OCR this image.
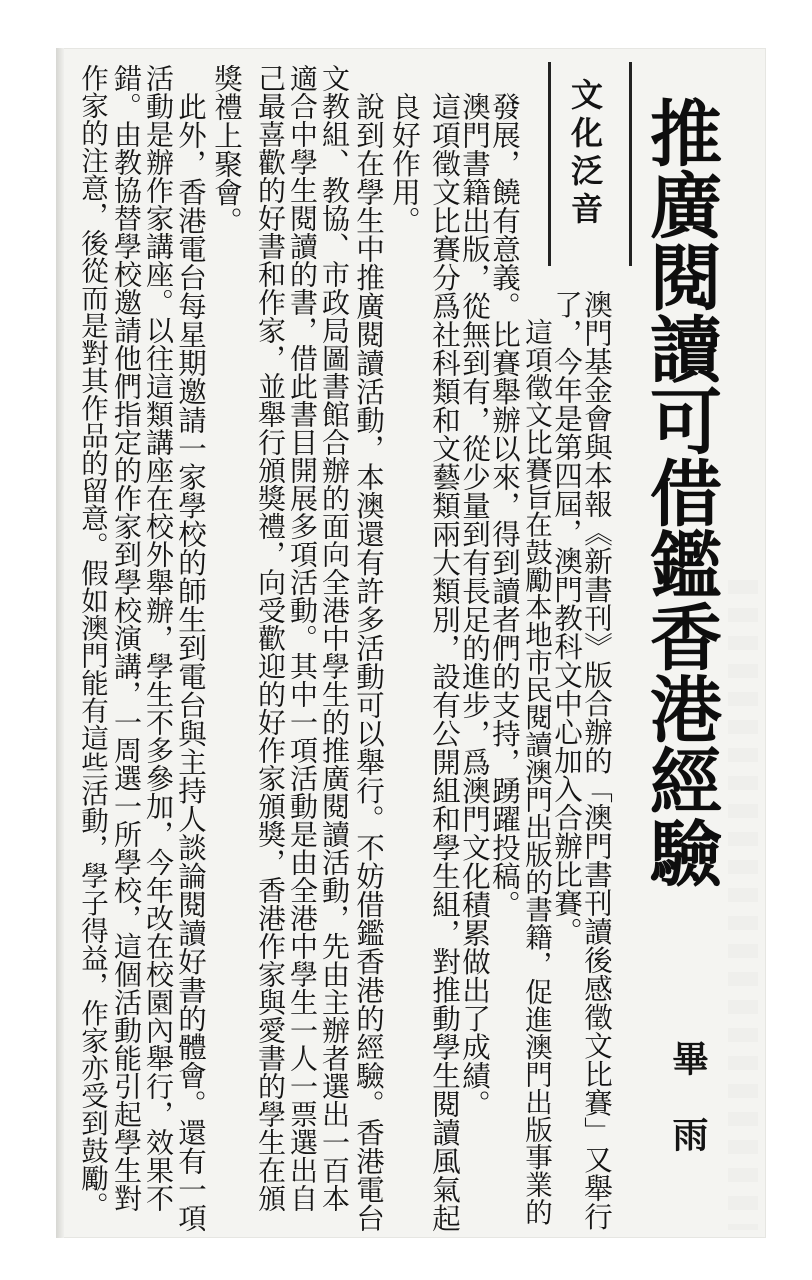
推廣閱讀可借鑑香港經驗
文化泛音
畢雨
澳門基金會與本報《新書刊》版合辦的「澳門書刊讀後感徵文比賽」又舉行
了，今年是第四屆，澳門教科文中心加入合辦比賽。
這項徵文比賽旨在鼓勵本地市民閱讀澳門出版的書籍，促進澳門出版事業的
發展，饒有意義。比賽舉辦以來，得到讀者們的支持，踴躍投稿。
澳門書籍出版，從無到有，從少量到有長足的進步，爲澳門文化積累做出了成績。
這項徵文比賽分爲社科類和文藝類兩大類別，設有公開組和學生組，對推動學生閱讀風氣起
良好作用。
說到在學生中推廣閱讀活動，本澳還有許多活動可以舉行。不妨借鑑香港的經驗。香港電台
文教組、教協、市政局圖書館合辦的面向全港中學生的推廣閱讀活動，先由主辦者選出一百本
適合中學生閱讀的書，借此書目開展多項活動。其中一項活動是由全港中學生一人一票選出自
己最喜歡的好書和作家，並舉行頒獎禮，向受歡迎的好作家頒獎，香港作家與愛書的學生在頒
獎禮上聚會。
此外，香港電台每星期邀請一家學校的師生到電台與主持人談論閱讀好書的體會。還有一項
活動是辦作家講座。以往這類講座在校外舉辦，學生不多參加，今年改在校園內舉行，效果不
錯。由教協替學校邀請他們指定的作家到學校演講，一周選一所學校，這個活動能引起學生對
作家的注意，後從而是對其作品的留意。假如澳門能有這些活動，學子得益，作家亦受到鼓勵。
